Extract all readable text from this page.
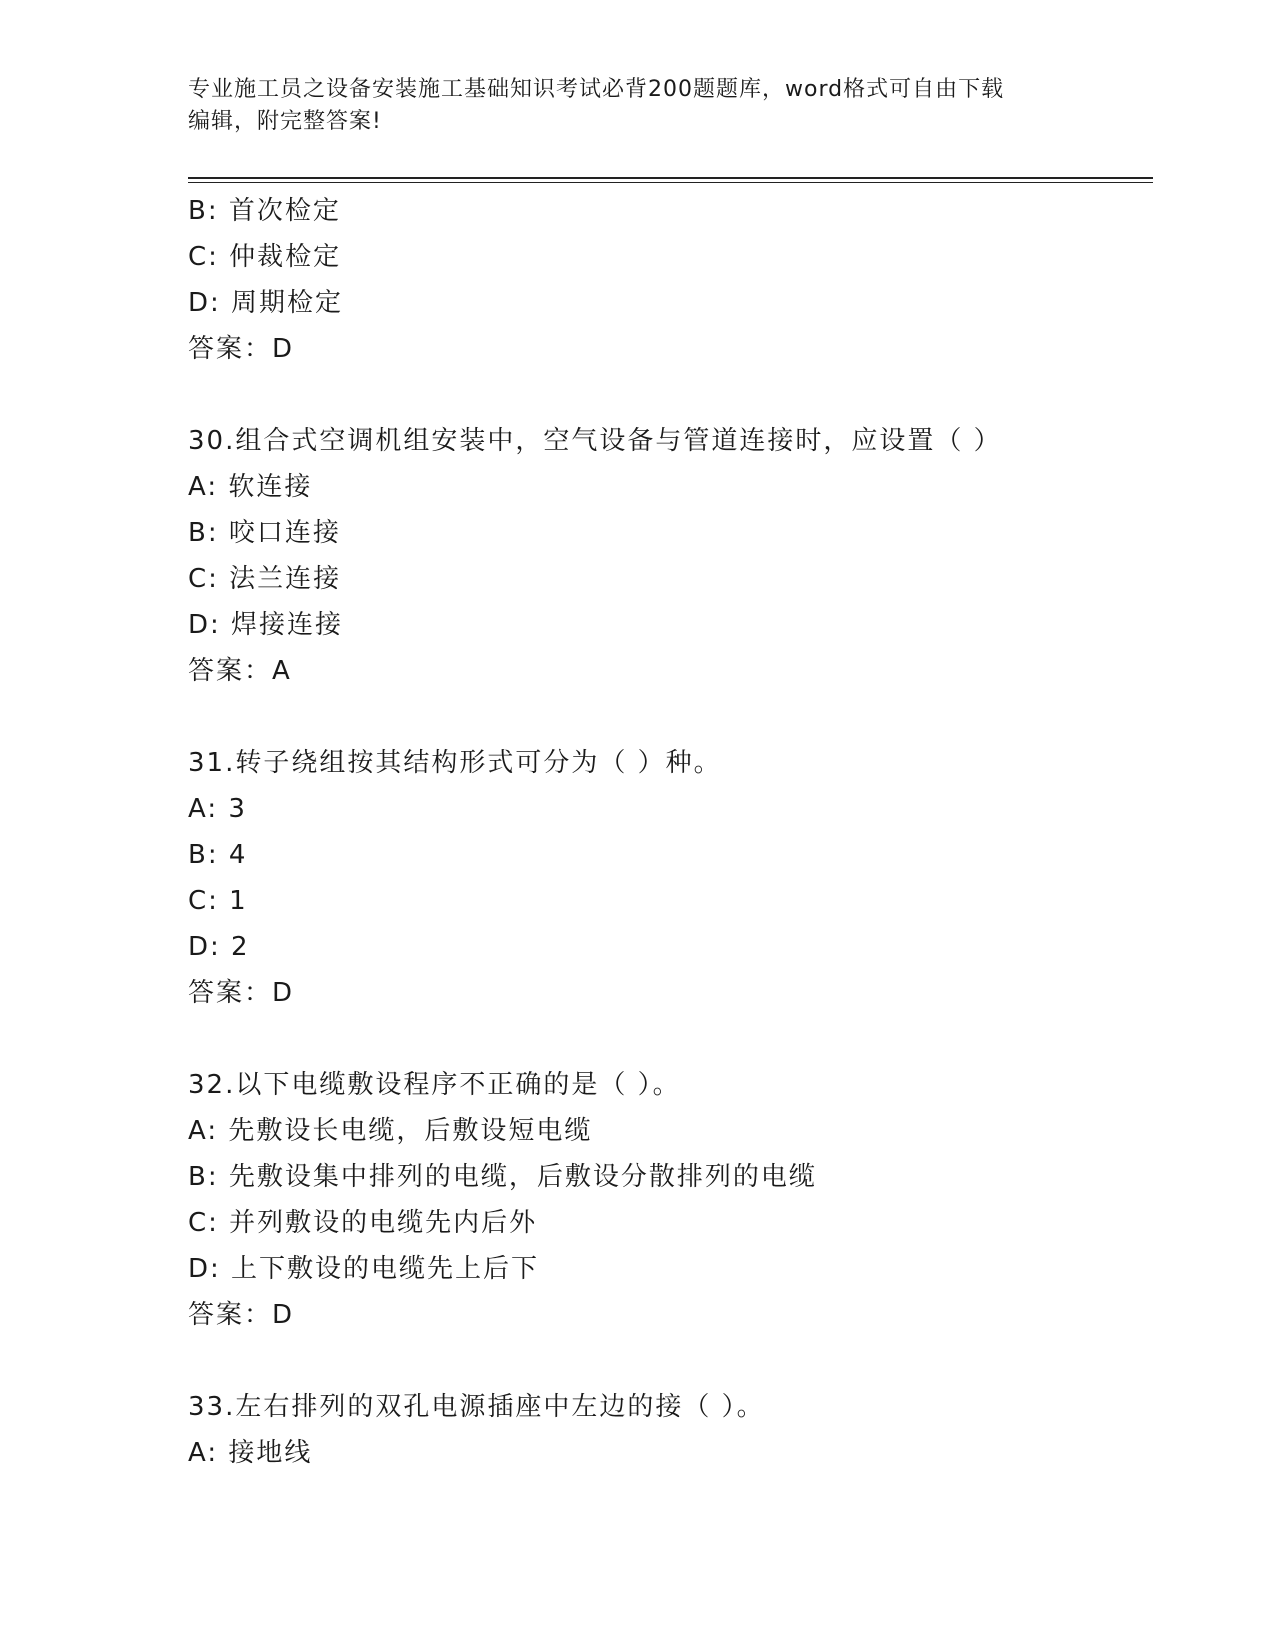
专业施工员之设备安装施工基础知识考试必背200题题库，word格式可自由下载
编辑，附完整答案!
B: 首次检定
C: 仲裁检定
D: 周期检定
答案：D
30.组合式空调机组安装中，空气设备与管道连接时，应设置（ ）
A: 软连接
B: 咬口连接
C: 法兰连接
D: 焊接连接
答案：A
31.转子绕组按其结构形式可分为（ ）种。
A: 3
B: 4
C: 1
D: 2
答案：D
32.以下电缆敷设程序不正确的是（ ）。
A: 先敷设长电缆，后敷设短电缆
B: 先敷设集中排列的电缆，后敷设分散排列的电缆
C: 并列敷设的电缆先内后外
D: 上下敷设的电缆先上后下
答案：D
33.左右排列的双孔电源插座中左边的接（ ）。
A: 接地线
